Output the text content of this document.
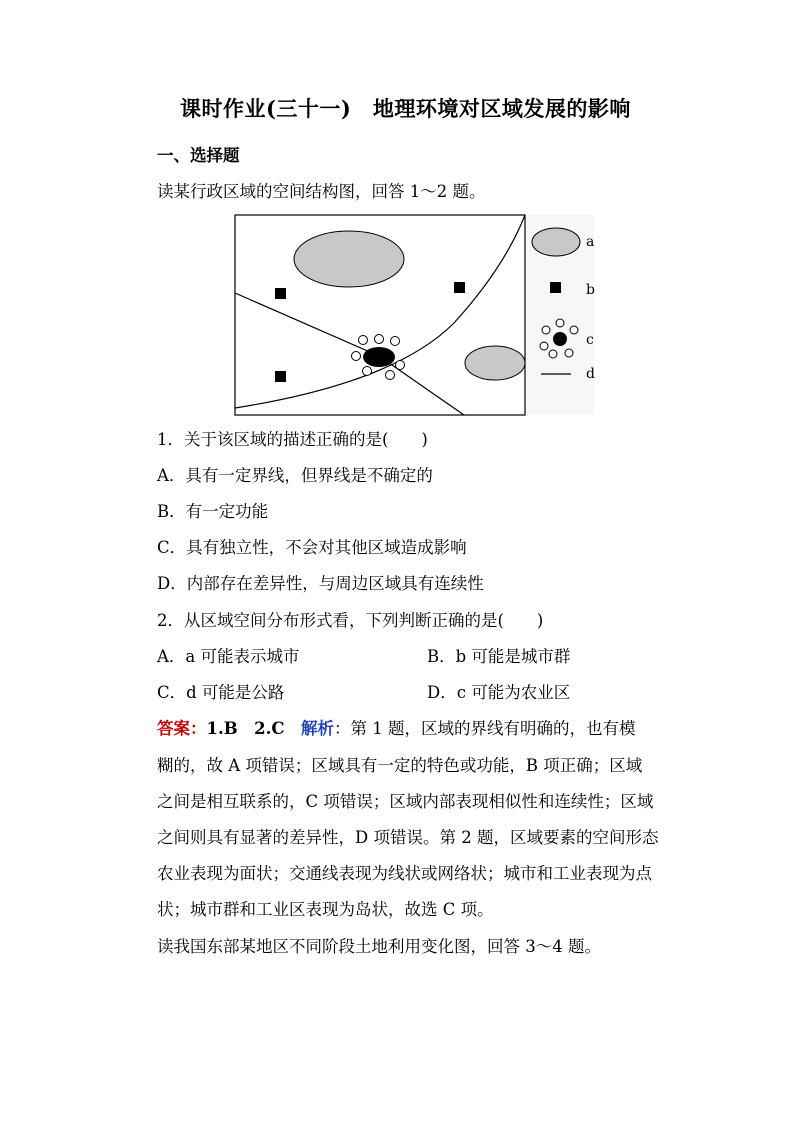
课时作业(三十一)　地理环境对区域发展的影响
一、选择题
读某行政区域的空间结构图，回答 1～2 题。
a
b
c
d
1．关于该区域的描述正确的是(　　)
A．具有一定界线，但界线是不确定的
B．有一定功能
C．具有独立性，不会对其他区域造成影响
D．内部存在差异性，与周边区域具有连续性
2．从区域空间分布形式看，下列判断正确的是(　　)
A．a 可能表示城市	B．b 可能是城市群
C．d 可能是公路	D．c 可能为农业区
答案：1.B　2.C　 解析：第 1 题，区域的界线有明确的，也有模
糊的，故 A 项错误；区域具有一定的特色或功能，B 项正确；区域
之间是相互联系的，C 项错误；区域内部表现相似性和连续性；区域
之间则具有显著的差异性，D 项错误。第 2 题，区域要素的空间形态
农业表现为面状；交通线表现为线状或网络状；城市和工业表现为点
状；城市群和工业区表现为岛状，故选 C 项。
读我国东部某地区不同阶段土地利用变化图，回答 3～4 题。
